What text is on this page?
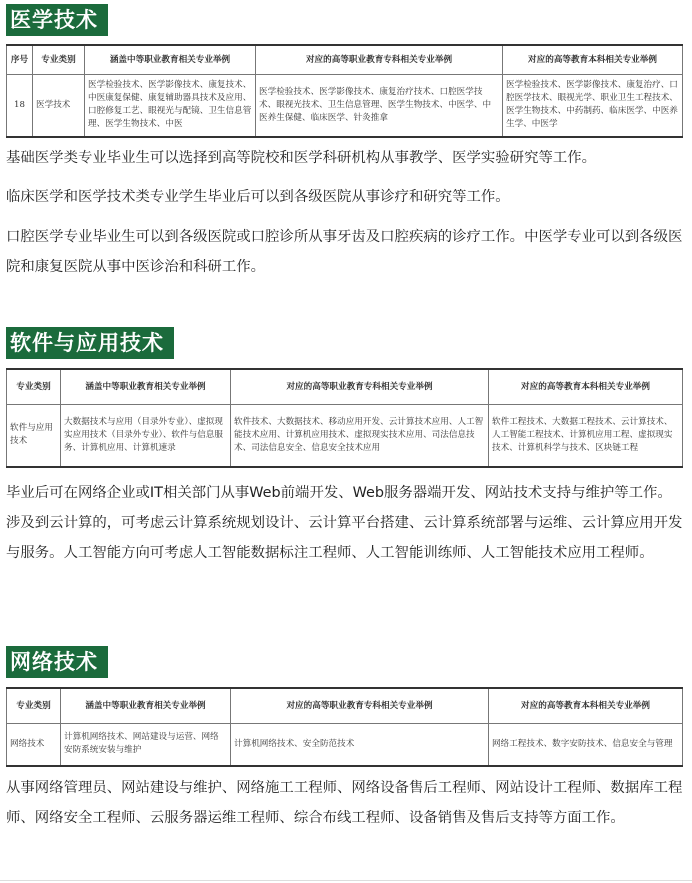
医学技术
序号	专业类别	涵盖中等职业教育相关专业举例	对应的高等职业教育专科相关专业举例	对应的高等教育本科相关专业举例
18	医学技术	医学检验技术、医学影像技术、康复技术、中医康复保健、康复辅助器具技术及应用、口腔修复工艺、眼视光与配镜、卫生信息管理、医学生物技术、中医	医学检验技术、医学影像技术、康复治疗技术、口腔医学技术、眼视光技术、卫生信息管理、医学生物技术、中医学、中医养生保健、临床医学、针灸推拿	医学检验技术、医学影像技术、康复治疗、口腔医学技术、眼视光学、职业卫生工程技术、医学生物技术、中药制药、临床医学、中医养生学、中医学
基础医学类专业毕业生可以选择到高等院校和医学科研机构从事教学、医学实验研究等工作。
临床医学和医学技术类专业学生毕业后可以到各级医院从事诊疗和研究等工作。
口腔医学专业毕业生可以到各级医院或口腔诊所从事牙齿及口腔疾病的诊疗工作。中医学专业可以到各级医院和康复医院从事中医诊治和科研工作。
软件与应用技术
专业类别	涵盖中等职业教育相关专业举例	对应的高等职业教育专科相关专业举例	对应的高等教育本科相关专业举例
软件与应用技术	大数据技术与应用（目录外专业）、虚拟现实应用技术（目录外专业）、软件与信息服务、计算机应用、计算机速录	软件技术、大数据技术、移动应用开发、云计算技术应用、人工智能技术应用、计算机应用技术、虚拟现实技术应用、司法信息技术、司法信息安全、信息安全技术应用	软件工程技术、大数据工程技术、云计算技术、人工智能工程技术、计算机应用工程、虚拟现实技术、计算机科学与技术、区块链工程
毕业后可在网络企业或IT相关部门从事Web前端开发、Web服务器端开发、网站技术支持与维护等工作。涉及到云计算的，可考虑云计算系统规划设计、云计算平台搭建、云计算系统部署与运维、云计算应用开发与服务。人工智能方向可考虑人工智能数据标注工程师、人工智能训练师、人工智能技术应用工程师。
网络技术
专业类别	涵盖中等职业教育相关专业举例	对应的高等职业教育专科相关专业举例	对应的高等教育本科相关专业举例
网络技术	计算机网络技术、网站建设与运营、网络安防系统安装与维护	计算机网络技术、安全防范技术	网络工程技术、数字安防技术、信息安全与管理
从事网络管理员、网站建设与维护、网络施工工程师、网络设备售后工程师、网站设计工程师、数据库工程师、网络安全工程师、云服务器运维工程师、综合布线工程师、设备销售及售后支持等方面工作。
